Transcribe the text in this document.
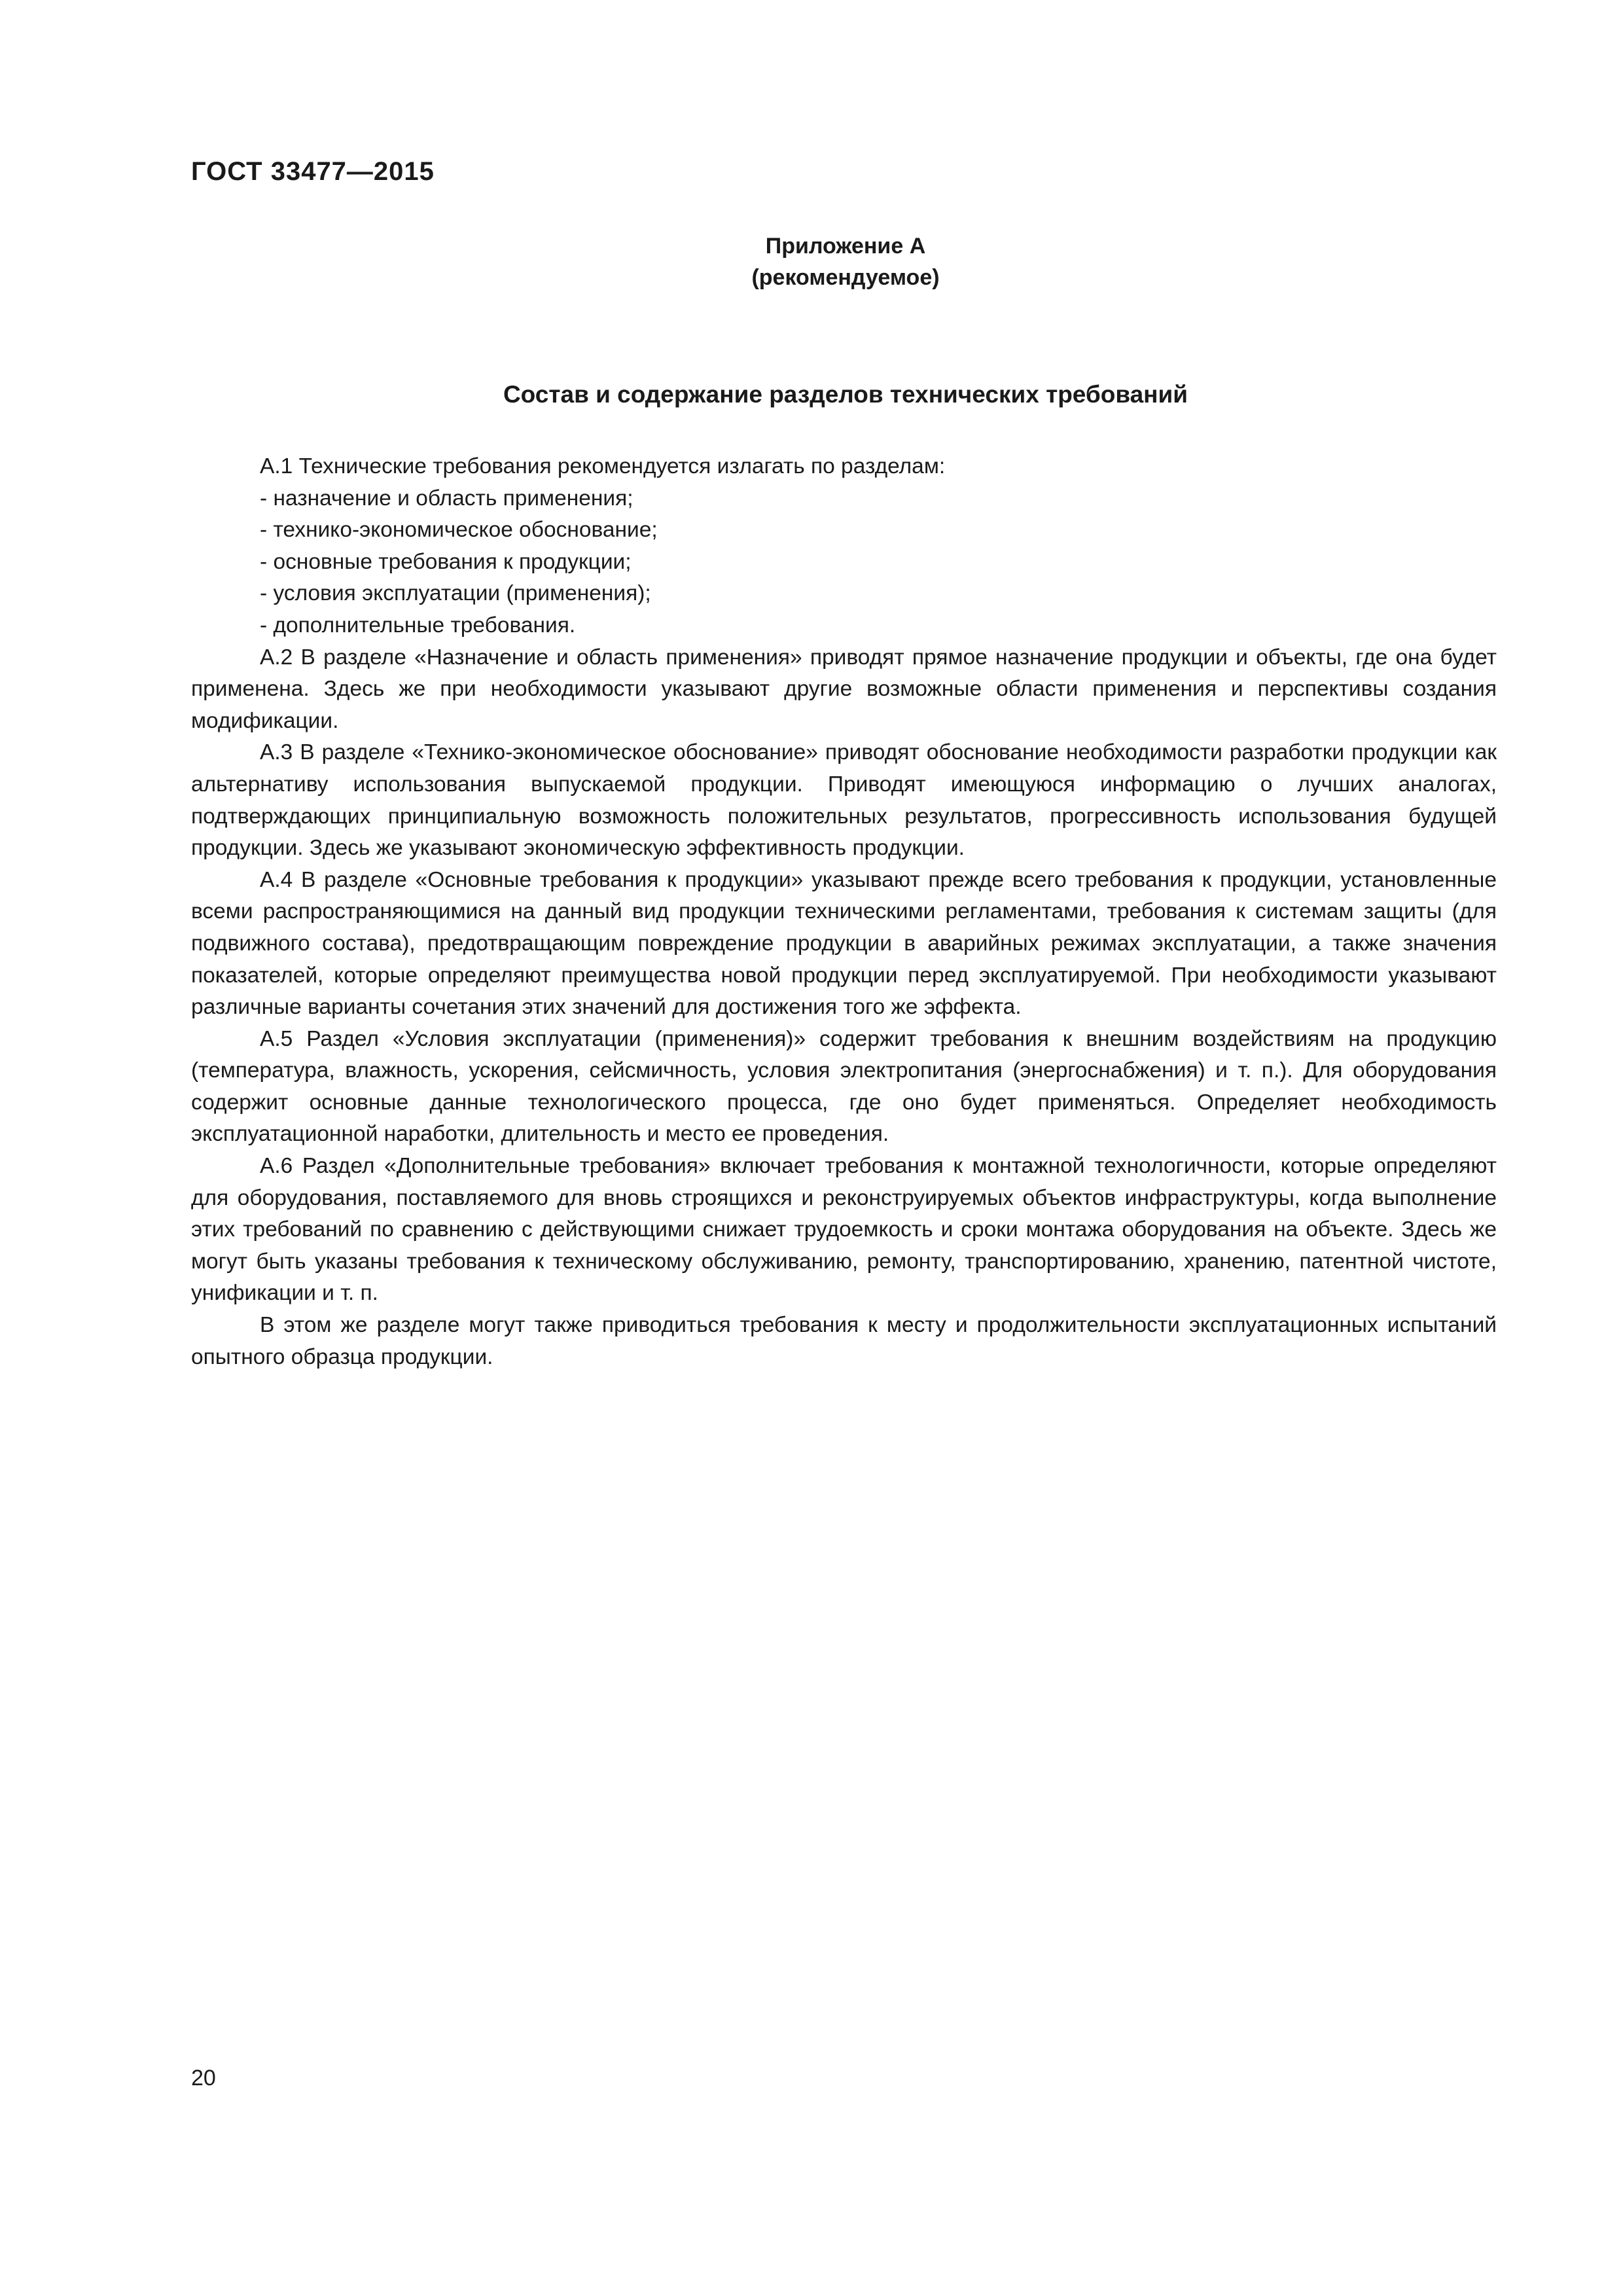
ГОСТ 33477—2015
Приложение А
(рекомендуемое)
Состав и содержание разделов технических требований

А.1 Технические требования рекомендуется излагать по разделам:

- назначение и область применения;
- технико-экономическое обоснование;
- основные требования к продукции;
- условия эксплуатации (применения);
- дополнительные требования.

А.2 В разделе «Назначение и область применения» приводят прямое назначение продукции и объекты, где она будет применена. Здесь же при необходимости указывают другие возможные области применения и перспективы создания модификации.

А.3 В разделе «Технико-экономическое обоснование» приводят обоснование необходимости разработки продукции как альтернативу использования выпускаемой продукции. Приводят имеющуюся информацию о лучших аналогах, подтверждающих принципиальную возможность положительных результатов, прогрессивность использования будущей продукции. Здесь же указывают экономическую эффективность продукции.

А.4 В разделе «Основные требования к продукции» указывают прежде всего требования к продукции, установленные всеми распространяющимися на данный вид продукции техническими регламентами, требования к системам защиты (для подвижного состава), предотвращающим повреждение продукции в аварийных режимах эксплуатации, а также значения показателей, которые определяют преимущества новой продукции перед эксплуатируемой. При необходимости указывают различные варианты сочетания этих значений для достижения того же эффекта.

А.5 Раздел «Условия эксплуатации (применения)» содержит требования к внешним воздействиям на продукцию (температура, влажность, ускорения, сейсмичность, условия электропитания (энергоснабжения) и т. п.). Для оборудования содержит основные данные технологического процесса, где оно будет применяться. Определяет необходимость эксплуатационной наработки, длительность и место ее проведения.

А.6 Раздел «Дополнительные требования» включает требования к монтажной технологичности, которые определяют для оборудования, поставляемого для вновь строящихся и реконструируемых объектов инфраструктуры, когда выполнение этих требований по сравнению с действующими снижает трудоемкость и сроки монтажа оборудования на объекте. Здесь же могут быть указаны требования к техническому обслуживанию, ремонту, транспортированию, хранению, патентной чистоте, унификации и т. п.

В этом же разделе могут также приводиться требования к месту и продолжительности эксплуатационных испытаний опытного образца продукции.

20
